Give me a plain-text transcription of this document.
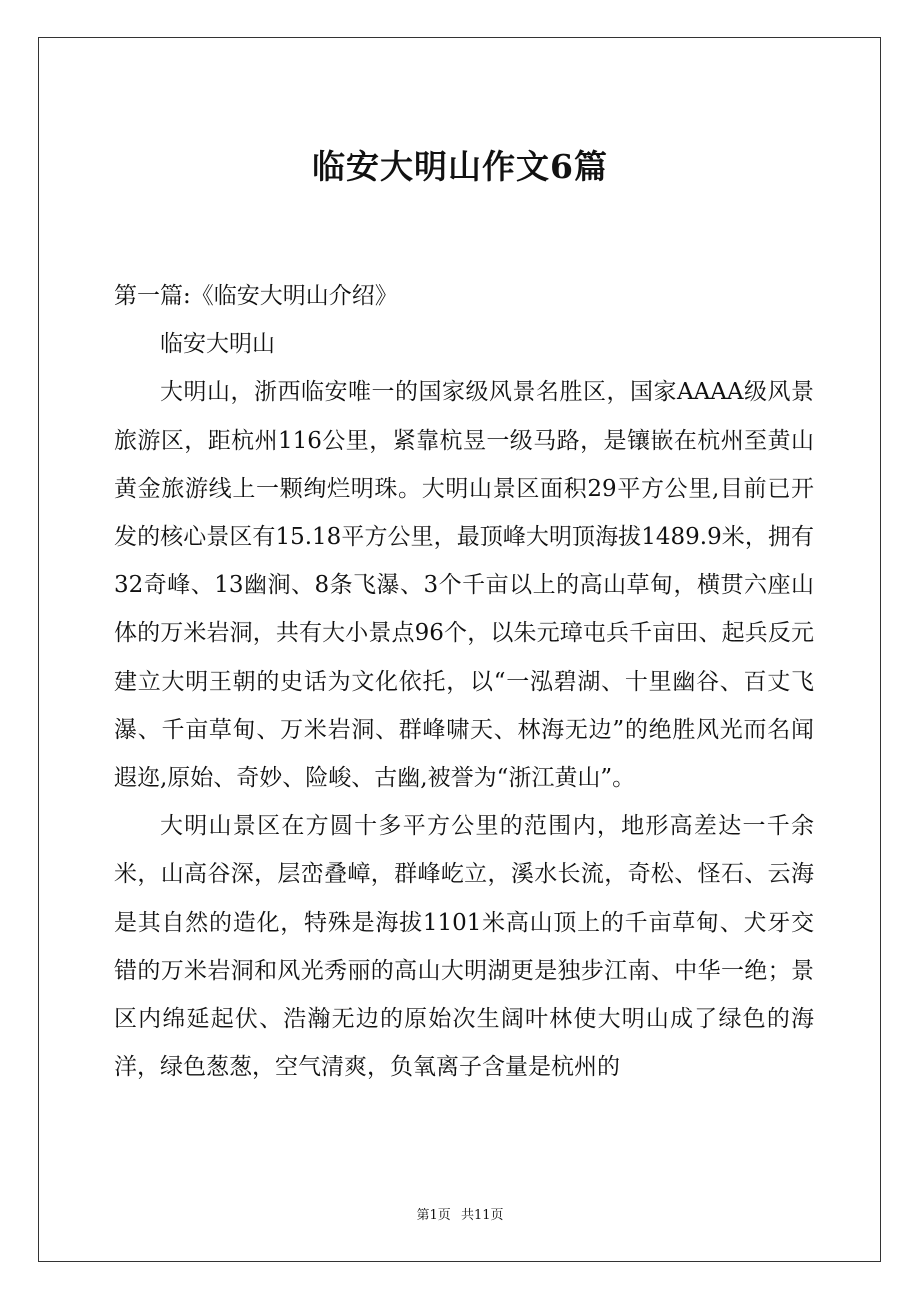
临安大明山作文6篇

第一篇:《临安大明山介绍》

临安大明山

大明山，浙西临安唯一的国家级风景名胜区，国家AAAA级风景旅游区，距杭州116公里，紧靠杭昱一级马路，是镶嵌在杭州至黄山黄金旅游线上一颗绚烂明珠。大明山景区面积29平方公里,目前已开发的核心景区有15.18平方公里，最顶峰大明顶海拔1489.9米，拥有32奇峰、13幽涧、8条飞瀑、3个千亩以上的高山草甸，横贯六座山体的万米岩洞，共有大小景点96个，以朱元璋屯兵千亩田、起兵反元建立大明王朝的史话为文化依托，以“一泓碧湖、十里幽谷、百丈飞瀑、千亩草甸、万米岩洞、群峰啸天、林海无边”的绝胜风光而名闻遐迩,原始、奇妙、险峻、古幽,被誉为“浙江黄山”。

大明山景区在方圆十多平方公里的范围内，地形高差达一千余米，山高谷深，层峦叠嶂，群峰屹立，溪水长流，奇松、怪石、云海是其自然的造化，特殊是海拔1101米高山顶上的千亩草甸、犬牙交错的万米岩洞和风光秀丽的高山大明湖更是独步江南、中华一绝；景区内绵延起伏、浩瀚无边的原始次生阔叶林使大明山成了绿色的海洋，绿色葱葱，空气清爽，负氧离子含量是杭州的

第1页 共11页
